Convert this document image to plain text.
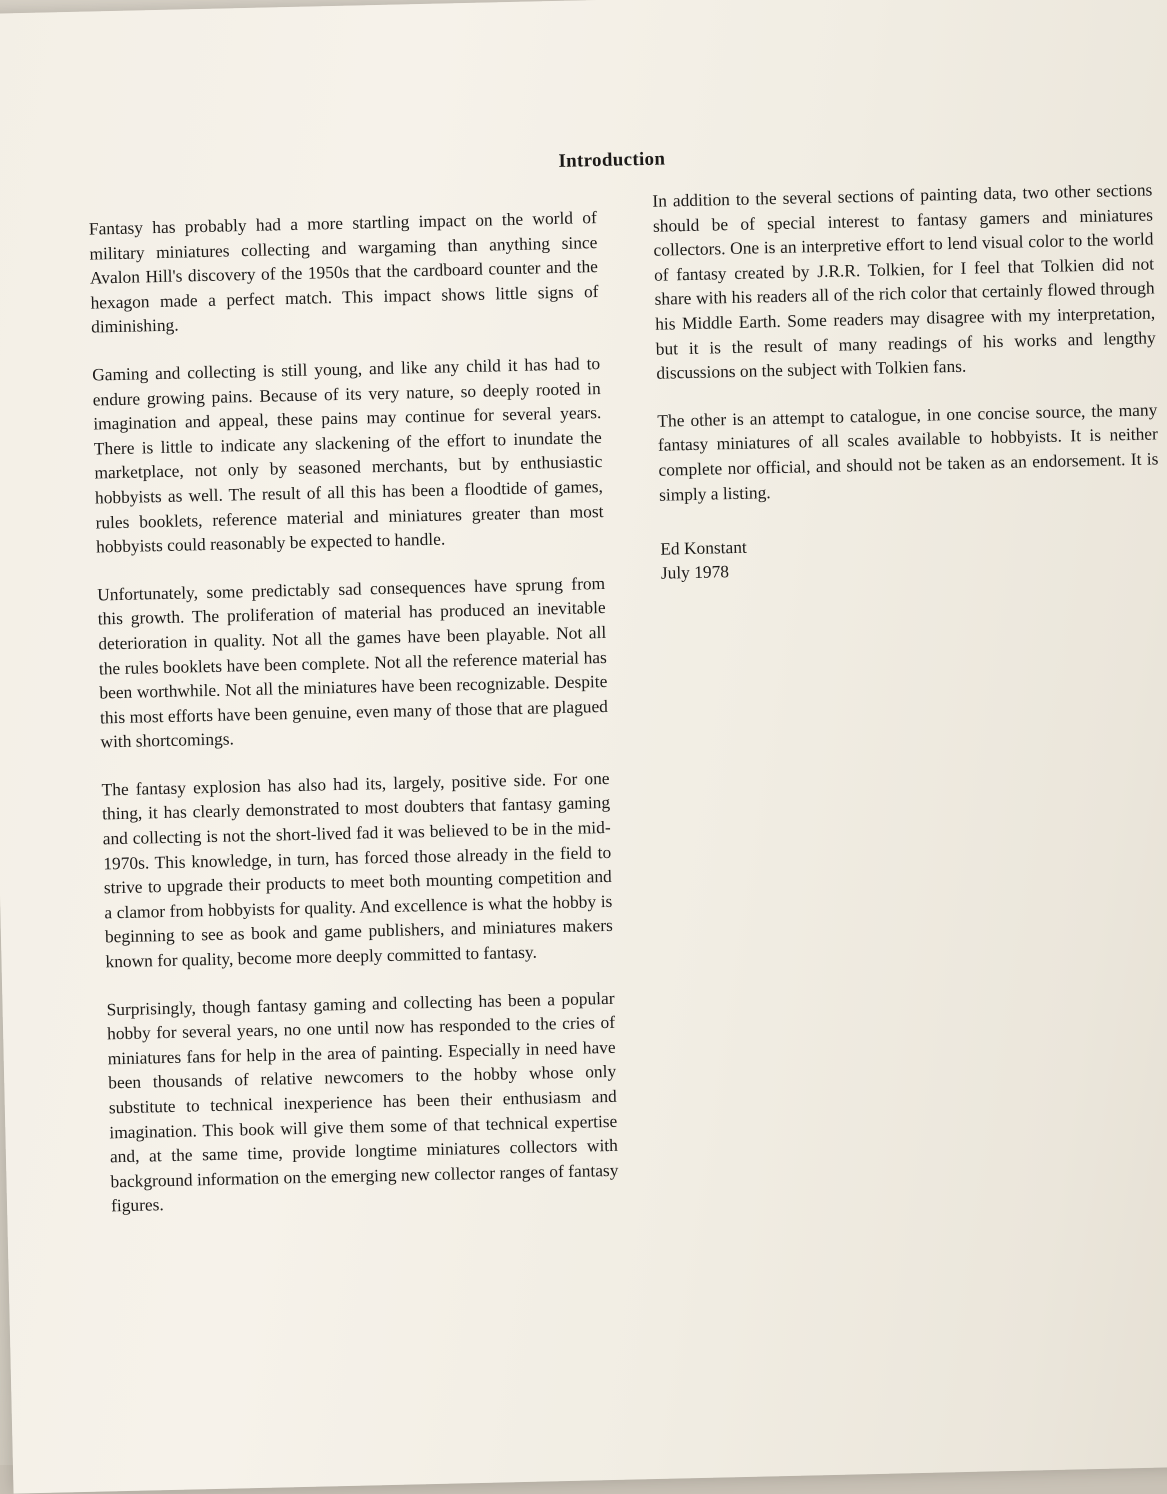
Introduction

Fantasy has probably had a more startling impact on the world of military miniatures collecting and wargaming than anything since Avalon Hill's discovery of the 1950s that the cardboard counter and the hexagon made a perfect match. This impact shows little signs of diminishing.

Gaming and collecting is still young, and like any child it has had to endure growing pains. Because of its very nature, so deeply rooted in imagination and appeal, these pains may continue for several years. There is little to indicate any slackening of the effort to inundate the marketplace, not only by seasoned merchants, but by enthusiastic hobbyists as well. The result of all this has been a floodtide of games, rules booklets, reference material and miniatures greater than most hobbyists could reasonably be expected to handle.

Unfortunately, some predictably sad consequences have sprung from this growth. The proliferation of material has produced an inevitable deterioration in quality. Not all the games have been playable. Not all the rules booklets have been complete. Not all the reference material has been worthwhile. Not all the miniatures have been recognizable. Despite this most efforts have been genuine, even many of those that are plagued with shortcomings.

The fantasy explosion has also had its, largely, positive side. For one thing, it has clearly demonstrated to most doubters that fantasy gaming and collecting is not the short-lived fad it was believed to be in the mid-1970s. This knowledge, in turn, has forced those already in the field to strive to upgrade their products to meet both mounting competition and a clamor from hobbyists for quality. And excellence is what the hobby is beginning to see as book and game publishers, and miniatures makers known for quality, become more deeply committed to fantasy.

Surprisingly, though fantasy gaming and collecting has been a popular hobby for several years, no one until now has responded to the cries of miniatures fans for help in the area of painting. Especially in need have been thousands of relative newcomers to the hobby whose only substitute to technical inexperience has been their enthusiasm and imagination. This book will give them some of that technical expertise and, at the same time, provide longtime miniatures collectors with background information on the emerging new collector ranges of fantasy figures.

In addition to the several sections of painting data, two other sections should be of special interest to fantasy gamers and miniatures collectors. One is an interpretive effort to lend visual color to the world of fantasy created by J.R.R. Tolkien, for I feel that Tolkien did not share with his readers all of the rich color that certainly flowed through his Middle Earth. Some readers may disagree with my interpretation, but it is the result of many readings of his works and lengthy discussions on the subject with Tolkien fans.

The other is an attempt to catalogue, in one concise source, the many fantasy miniatures of all scales available to hobbyists. It is neither complete nor official, and should not be taken as an endorsement. It is simply a listing.

Ed Konstant
July 1978
